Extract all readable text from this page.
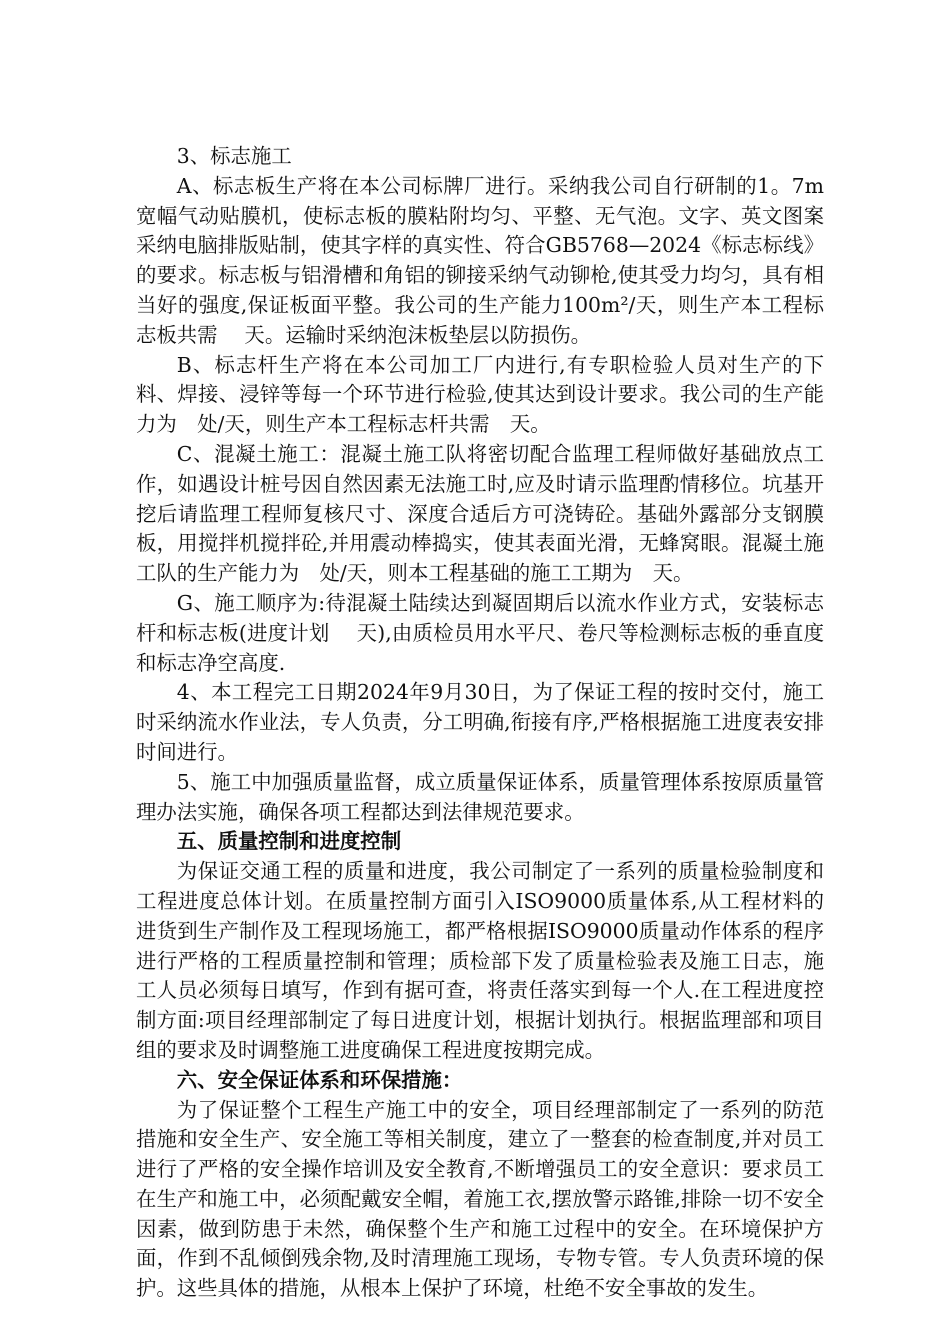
3、标志施工

A、标志板生产将在本公司标牌厂进行。采纳我公司自行研制的1。7m宽幅气动贴膜机，使标志板的膜粘附均匀、平整、无气泡。文字、英文图案采纳电脑排版贴制，使其字样的真实性、符合GB5768—2024《标志标线》的要求。标志板与铝滑槽和角铝的铆接采纳气动铆枪,使其受力均匀，具有相当好的强度,保证板面平整。我公司的生产能力100m²/天，则生产本工程标志板共需　 天。运输时采纳泡沫板垫层以防损伤。

B、标志杆生产将在本公司加工厂内进行,有专职检验人员对生产的下料、焊接、浸锌等每一个环节进行检验,使其达到设计要求。我公司的生产能力为　处/天，则生产本工程标志杆共需　天。

C、混凝土施工：混凝土施工队将密切配合监理工程师做好基础放点工作，如遇设计桩号因自然因素无法施工时,应及时请示监理酌情移位。坑基开挖后请监理工程师复核尺寸、深度合适后方可浇铸砼。基础外露部分支钢膜板，用搅拌机搅拌砼,并用震动棒捣实，使其表面光滑，无蜂窝眼。混凝土施工队的生产能力为　处/天，则本工程基础的施工工期为　天。

G、施工顺序为:待混凝土陆续达到凝固期后以流水作业方式，安装标志杆和标志板(进度计划　 天),由质检员用水平尺、卷尺等检测标志板的垂直度和标志净空高度.

4、本工程完工日期2024年9月30日，为了保证工程的按时交付，施工时采纳流水作业法，专人负责，分工明确,衔接有序,严格根据施工进度表安排时间进行。

5、施工中加强质量监督，成立质量保证体系，质量管理体系按原质量管理办法实施，确保各项工程都达到法律规范要求。

五、质量控制和进度控制

为保证交通工程的质量和进度，我公司制定了一系列的质量检验制度和工程进度总体计划。在质量控制方面引入ISO9000质量体系,从工程材料的进货到生产制作及工程现场施工，都严格根据ISO9000质量动作体系的程序进行严格的工程质量控制和管理；质检部下发了质量检验表及施工日志，施工人员必须每日填写，作到有据可查，将责任落实到每一个人.在工程进度控制方面:项目经理部制定了每日进度计划，根据计划执行。根据监理部和项目组的要求及时调整施工进度确保工程进度按期完成。

六、安全保证体系和环保措施：

为了保证整个工程生产施工中的安全，项目经理部制定了一系列的防范措施和安全生产、安全施工等相关制度，建立了一整套的检查制度,并对员工进行了严格的安全操作培训及安全教育,不断增强员工的安全意识：要求员工在生产和施工中，必须配戴安全帽，着施工衣,摆放警示路锥,排除一切不安全因素，做到防患于未然，确保整个生产和施工过程中的安全。在环境保护方面，作到不乱倾倒残余物,及时清理施工现场，专物专管。专人负责环境的保护。这些具体的措施，从根本上保护了环境，杜绝不安全事故的发生。
